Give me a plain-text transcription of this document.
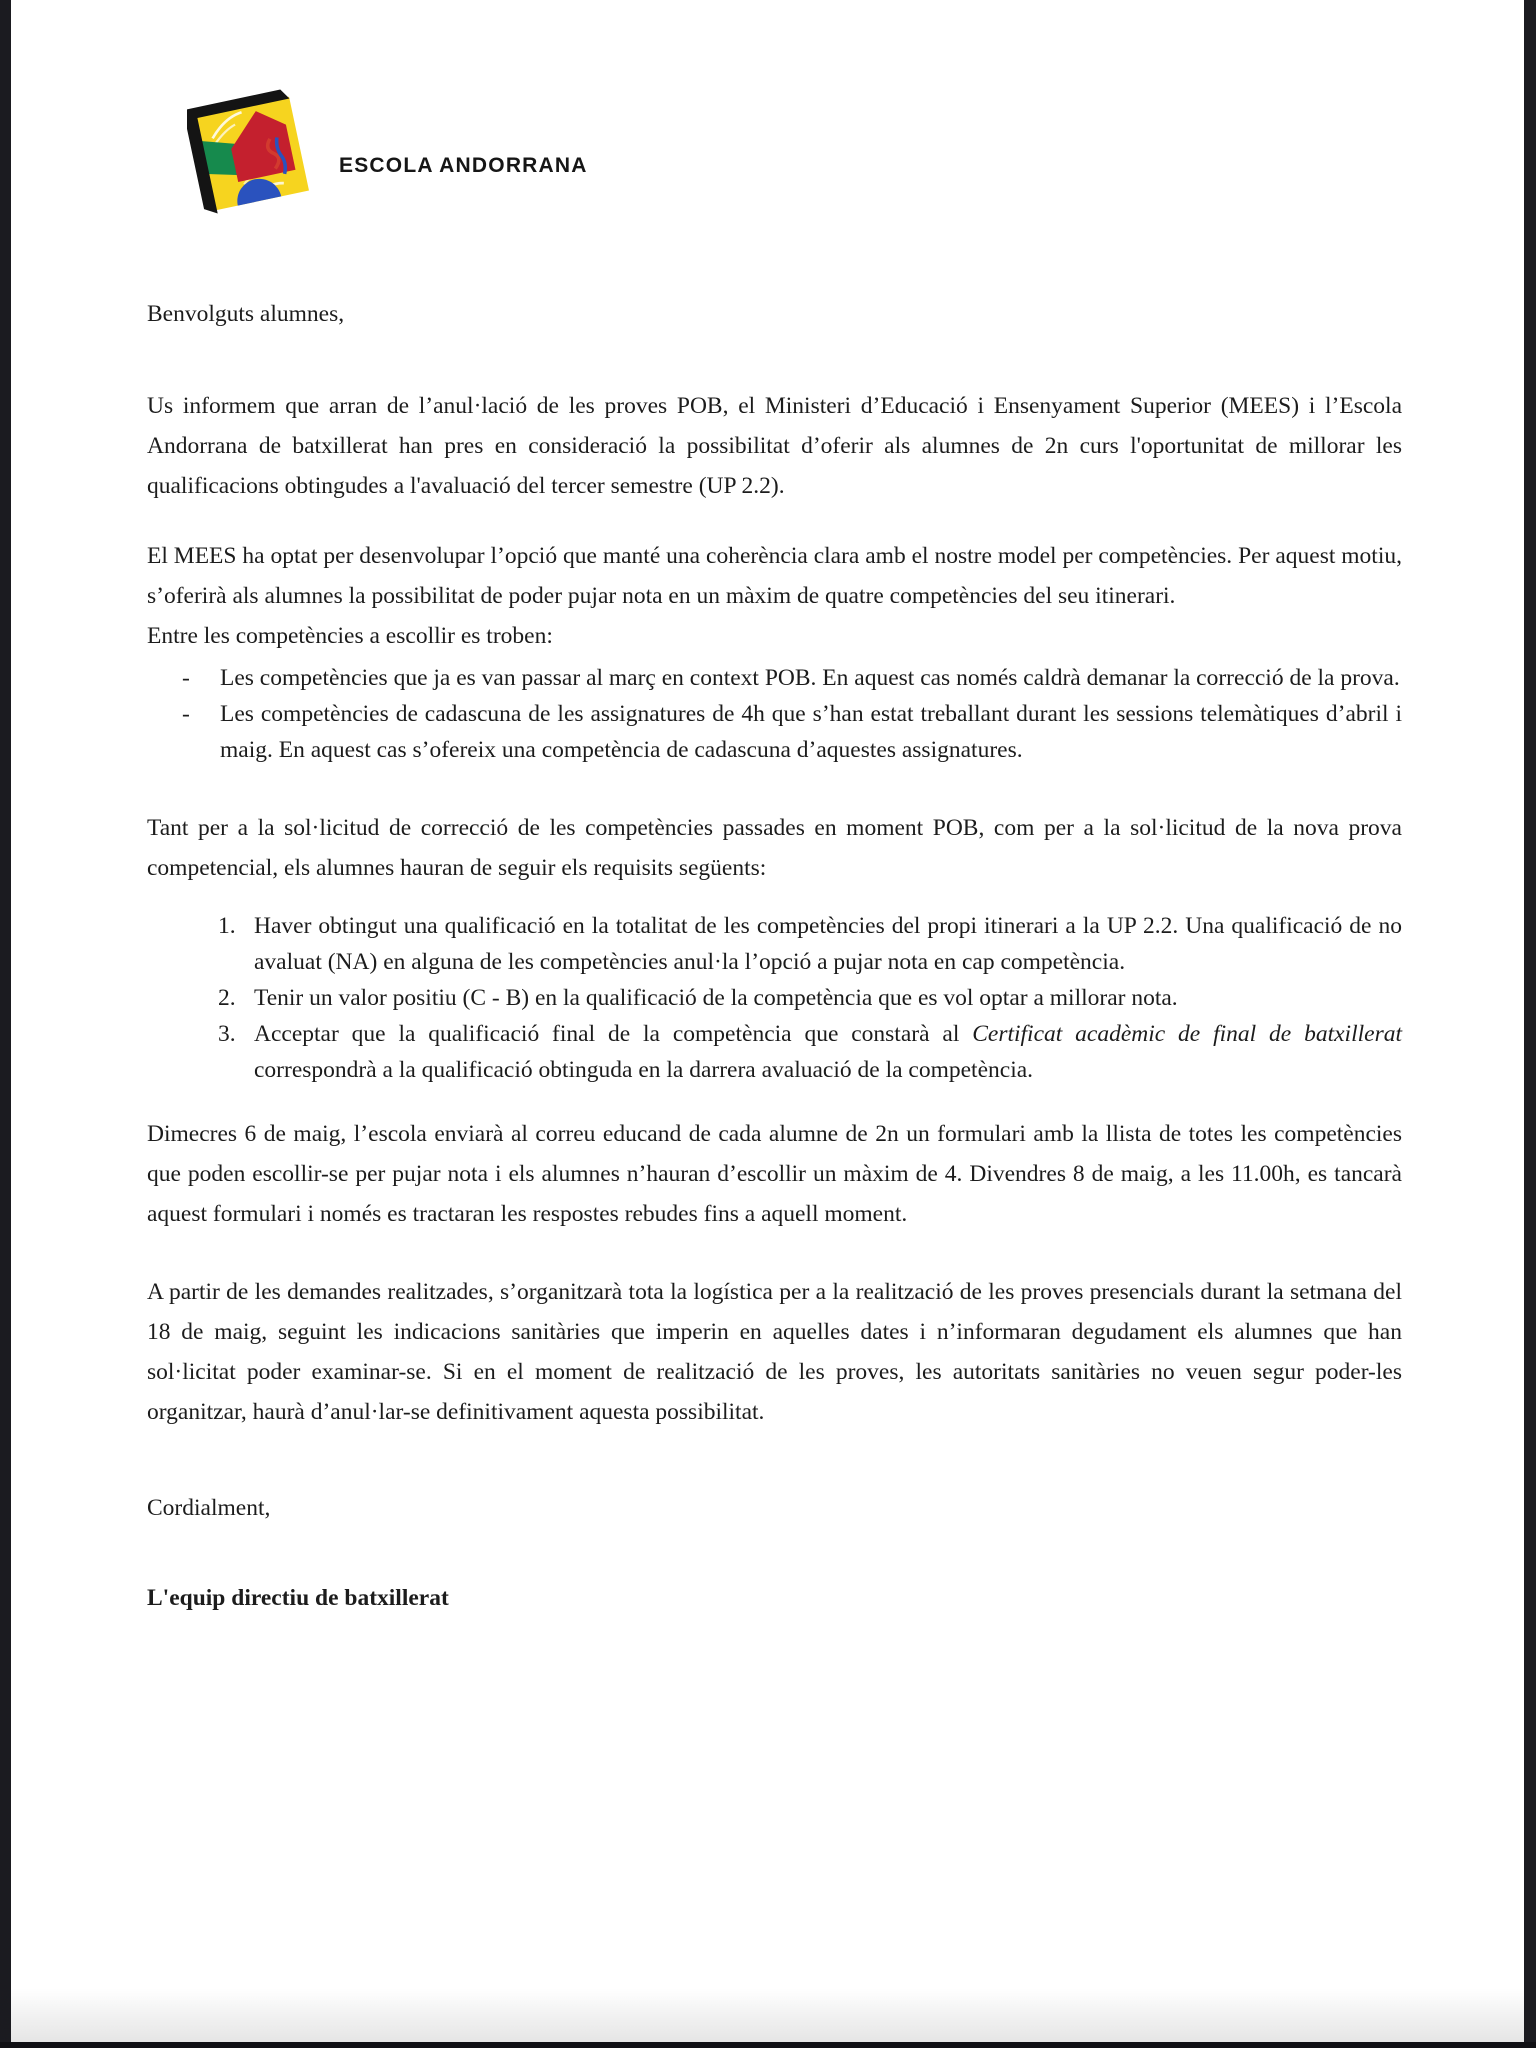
ESCOLA ANDORRANA

Benvolguts alumnes,

Us informem que arran de l’anul·lació de les proves POB, el Ministeri d’Educació i Ensenyament Superior (MEES) i l’Escola Andorrana de batxillerat han pres en consideració la possibilitat d’oferir als alumnes de 2n curs l'oportunitat de millorar les qualificacions obtingudes a l'avaluació del tercer semestre (UP 2.2).

El MEES ha optat per desenvolupar l’opció que manté una coherència clara amb el nostre model per competències. Per aquest motiu, s’oferirà als alumnes la possibilitat de poder pujar nota en un màxim de quatre competències del seu itinerari.

Entre les competències a escollir es troben:

-	Les competències que ja es van passar al març en context POB. En aquest cas només caldrà demanar la correcció de la prova.
-	Les competències de cadascuna de les assignatures de 4h que s’han estat treballant durant les sessions telemàtiques d’abril i maig. En aquest cas s’ofereix una competència de cadascuna d’aquestes assignatures.

Tant per a la sol·licitud de correcció de les competències passades en moment POB, com per a la sol·licitud de la nova prova competencial, els alumnes hauran de seguir els requisits següents:

1. Haver obtingut una qualificació en la totalitat de les competències del propi itinerari a la UP 2.2. Una qualificació de no avaluat (NA) en alguna de les competències anul·la l’opció a pujar nota en cap competència.
2. Tenir un valor positiu (C - B) en la qualificació de la competència que es vol optar a millorar nota.
3. Acceptar que la qualificació final de la competència que constarà al Certificat acadèmic de final de batxillerat correspondrà a la qualificació obtinguda en la darrera avaluació de la competència.

Dimecres 6 de maig, l’escola enviarà al correu educand de cada alumne de 2n un formulari amb la llista de totes les competències que poden escollir-se per pujar nota i els alumnes n’hauran d’escollir un màxim de 4. Divendres 8 de maig, a les 11.00h, es tancarà aquest formulari i només es tractaran les respostes rebudes fins a aquell moment.

A partir de les demandes realitzades, s’organitzarà tota la logística per a la realització de les proves presencials durant la setmana del 18 de maig, seguint les indicacions sanitàries que imperin en aquelles dates i n’informaran degudament els alumnes que han sol·licitat poder examinar-se. Si en el moment de realització de les proves, les autoritats sanitàries no veuen segur poder-les organitzar, haurà d’anul·lar-se definitivament aquesta possibilitat.

Cordialment,

L'equip directiu de batxillerat
